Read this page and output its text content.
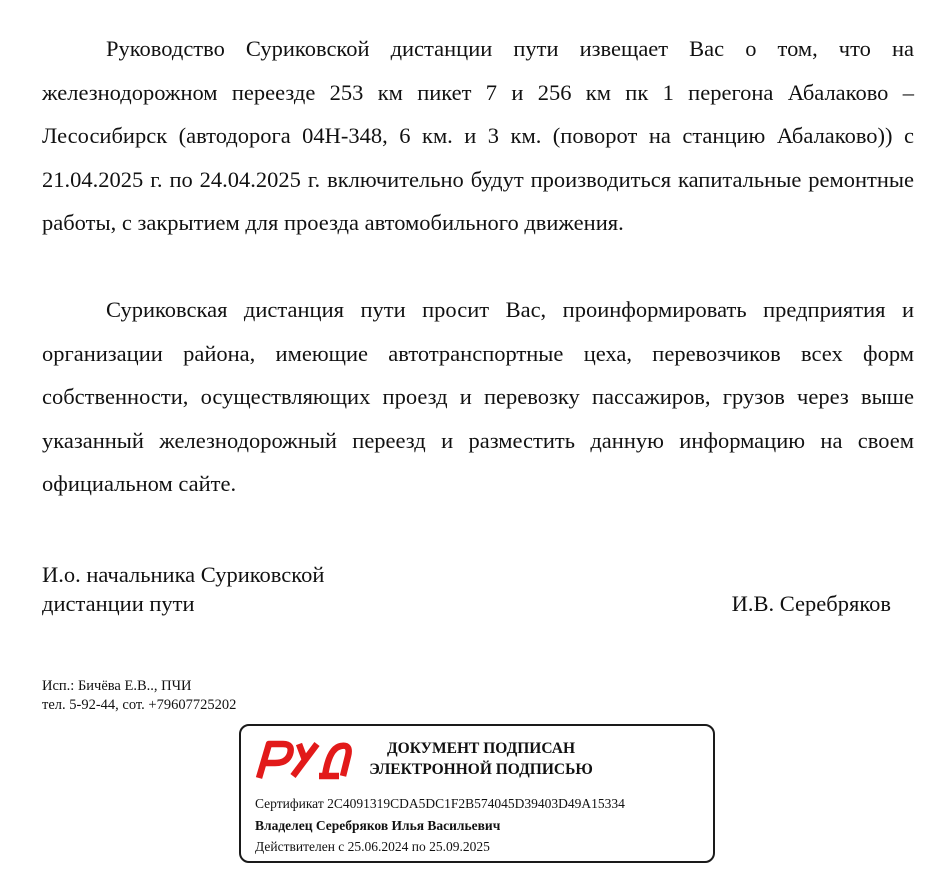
Руководство Суриковской дистанции пути извещает Вас о том, что на железнодорожном переезде 253 км пикет 7 и 256 км пк 1 перегона Абалаково – Лесосибирск (автодорога 04Н-348, 6 км. и 3 км. (поворот на станцию Абалаково)) с 21.04.2025 г. по 24.04.2025 г. включительно будут производиться капитальные ремонтные работы, с закрытием для проезда автомобильного движения.

Суриковская дистанция пути просит Вас, проинформировать предприятия и организации района, имеющие автотранспортные цеха, перевозчиков всех форм собственности, осуществляющих проезд и перевозку пассажиров, грузов через выше указанный железнодорожный переезд и разместить данную информацию на своем официальном сайте.

И.о. начальника Суриковской
дистанции пути	И.В. Серебряков
Исп.: Бичёва Е.В.., ПЧИ
тел. 5-92-44, сот. +79607725202
ДОКУМЕНТ ПОДПИСАН
ЭЛЕКТРОННОЙ ПОДПИСЬЮ
Сертификат 2C4091319CDA5DC1F2B574045D39403D49A15334
Владелец Серебряков Илья Васильевич
Действителен с 25.06.2024 по 25.09.2025
